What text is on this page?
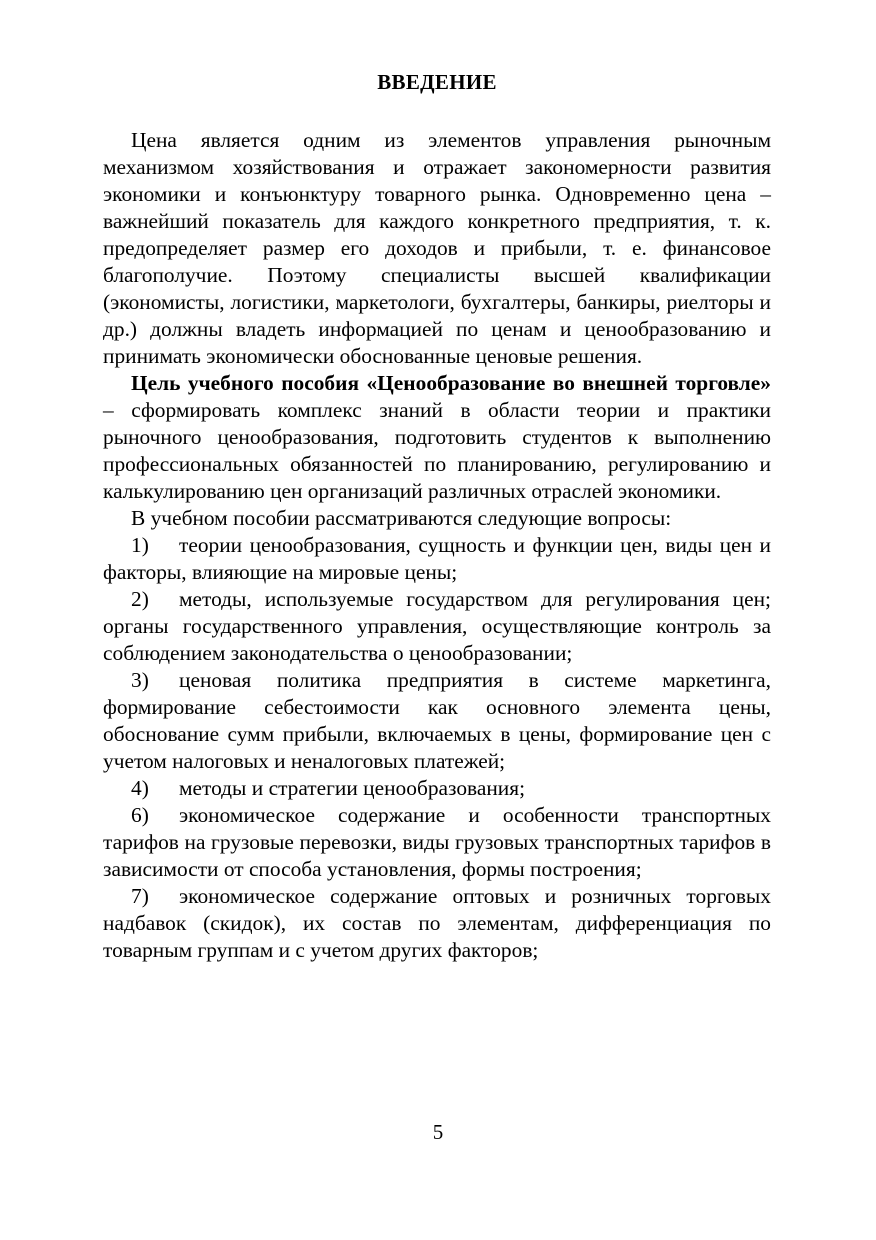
ВВЕДЕНИЕ

Цена является одним из элементов управления рыночным механизмом хозяйствования и отражает закономерности развития экономики и конъюнктуру товарного рынка. Одновременно цена – важнейший показатель для каждого конкретного предприятия, т. к. предопределяет размер его доходов и прибыли, т. е. финансовое благополучие. Поэтому специалисты высшей квалификации (экономисты, логистики, маркетологи, бухгалтеры, банкиры, риелторы и др.) должны владеть информацией по ценам и ценообразованию и принимать экономически обоснованные ценовые решения.

Цель учебного пособия «Ценообразование во внешней торговле» – сформировать комплекс знаний в области теории и практики рыночного ценообразования, подготовить студентов к выполнению профессиональных обязанностей по планированию, регулированию и калькулированию цен организаций различных отраслей экономики.

В учебном пособии рассматриваются следующие вопросы:

1) теории ценообразования, сущность и функции цен, виды цен и факторы, влияющие на мировые цены;

2) методы, используемые государством для регулирования цен; органы государственного управления, осуществляющие контроль за соблюдением законодательства о ценообразовании;

3) ценовая политика предприятия в системе маркетинга, формирование себестоимости как основного элемента цены, обоснование сумм прибыли, включаемых в цены, формирование цен с учетом налоговых и неналоговых платежей;

4) методы и стратегии ценообразования;

6) экономическое содержание и особенности транспортных тарифов на грузовые перевозки, виды грузовых транспортных тарифов в зависимости от способа установления, формы построения;

7) экономическое содержание оптовых и розничных торговых надбавок (скидок), их состав по элементам, дифференциация по товарным группам и с учетом других факторов;

5
